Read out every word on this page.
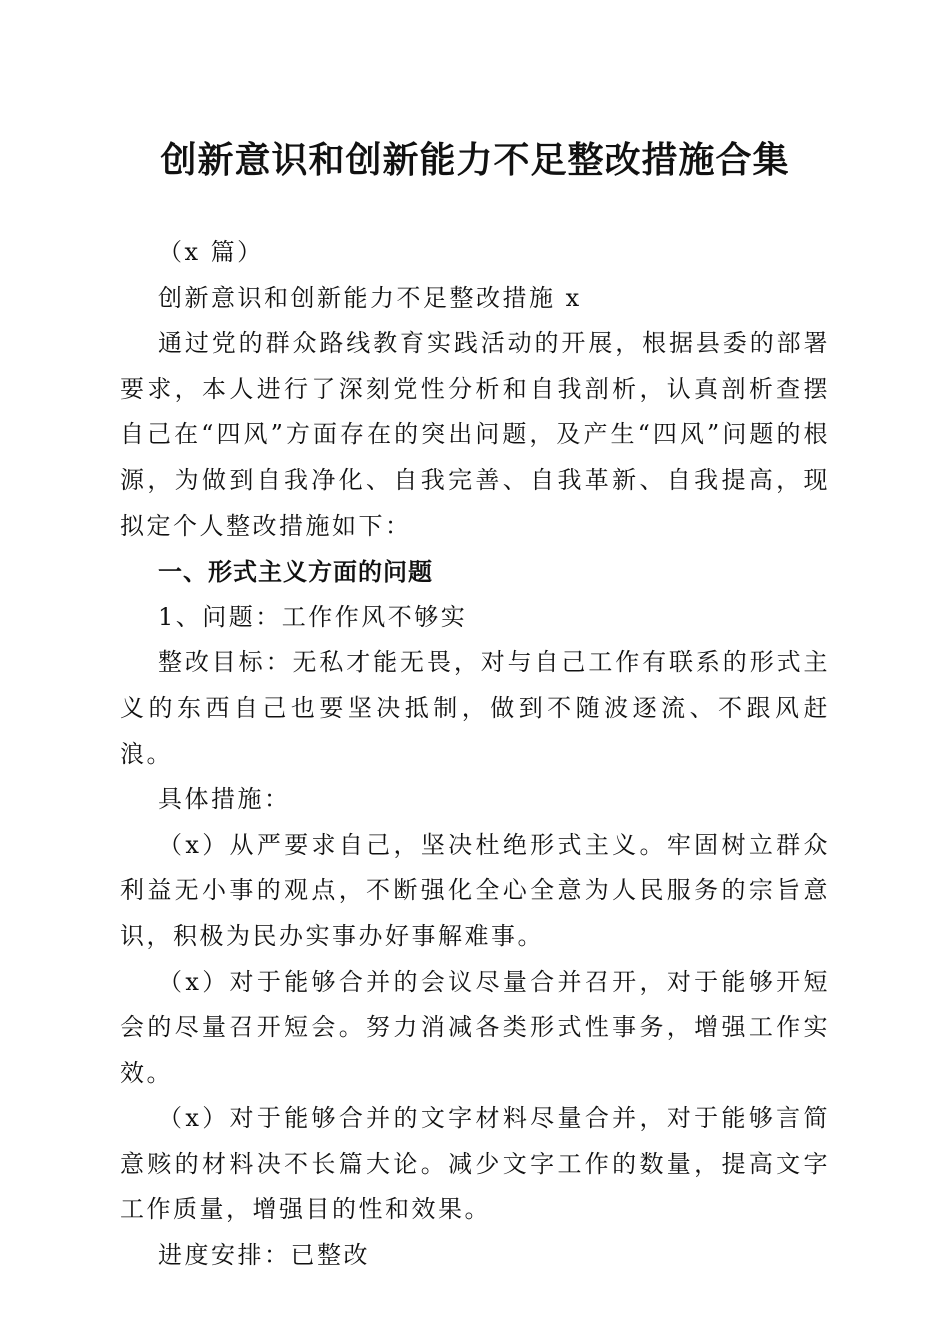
创新意识和创新能力不足整改措施合集

（x 篇）

创新意识和创新能力不足整改措施 x

通过党的群众路线教育实践活动的开展，根据县委的部署要求，本人进行了深刻党性分析和自我剖析，认真剖析查摆自己在“四风”方面存在的突出问题，及产生“四风”问题的根源，为做到自我净化、自我完善、自我革新、自我提高，现拟定个人整改措施如下：

一、形式主义方面的问题

1、问题：工作作风不够实

整改目标：无私才能无畏，对与自己工作有联系的形式主义的东西自己也要坚决抵制，做到不随波逐流、不跟风赶浪。

具体措施：

（x）从严要求自己，坚决杜绝形式主义。牢固树立群众利益无小事的观点，不断强化全心全意为人民服务的宗旨意识，积极为民办实事办好事解难事。

（x）对于能够合并的会议尽量合并召开，对于能够开短会的尽量召开短会。努力消减各类形式性事务，增强工作实效。

（x）对于能够合并的文字材料尽量合并，对于能够言简意赅的材料决不长篇大论。减少文字工作的数量，提高文字工作质量，增强目的性和效果。

进度安排：已整改
